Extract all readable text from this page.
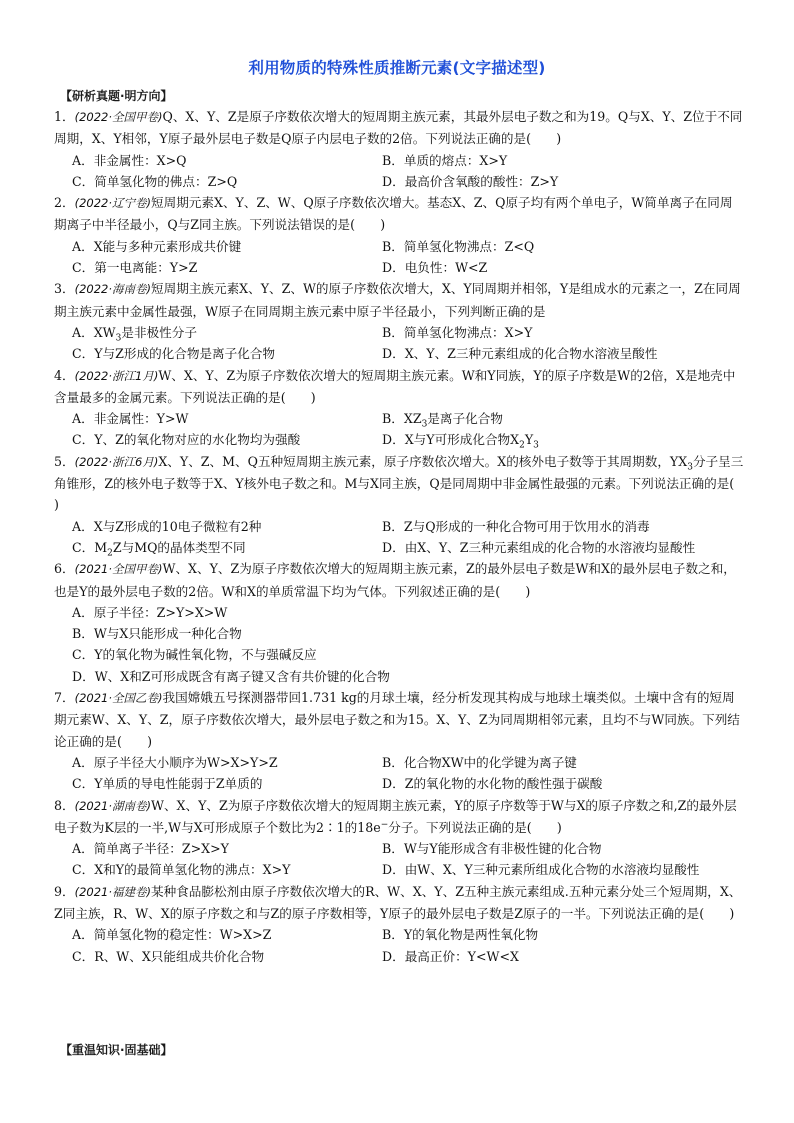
利用物质的特殊性质推断元素(文字描述型)
【研析真题·明方向】
1．(2022·全国甲卷)Q、X、Y、Z是原子序数依次增大的短周期主族元素，其最外层电子数之和为19。Q与X、Y、Z位于不同周期，X、Y相邻，Y原子最外层电子数是Q原子内层电子数的2倍。下列说法正确的是(　　)
A．非金属性：X>Q	B．单质的熔点：X>Y
C．简单氢化物的佛点：Z>Q	D．最高价含氧酸的酸性：Z>Y
2．(2022·辽宁卷)短周期元素X、Y、Z、W、Q原子序数依次增大。基态X、Z、Q原子均有两个单电子，W简单离子在同周期离子中半径最小，Q与Z同主族。下列说法错误的是(　　)
A．X能与多种元素形成共价键	B．简单氢化物沸点：Z<Q
C．第一电离能：Y>Z	D．电负性：W<Z
3．(2022·海南卷)短周期主族元素X、Y、Z、W的原子序数依次增大，X、Y同周期并相邻，Y是组成水的元素之一，Z在同周期主族元素中金属性最强，W原子在同周期主族元素中原子半径最小，下列判断正确的是
A．$XW_3$是非极性分子	B．简单氢化物沸点：X>Y
C．Y与Z形成的化合物是离子化合物	D．X、Y、Z三种元素组成的化合物水溶液呈酸性
4．(2022·浙江1月)W、X、Y、Z为原子序数依次增大的短周期主族元素。W和Y同族，Y的原子序数是W的2倍，X是地壳中含量最多的金属元素。下列说法正确的是(　　)
A．非金属性：Y>W	B．$XZ_3$是离子化合物
C．Y、Z的氧化物对应的水化物均为强酸	D．X与Y可形成化合物$X_2Y_3$
5．(2022·浙江6月)X、Y、Z、M、Q五种短周期主族元素，原子序数依次增大。X的核外电子数等于其周期数，$YX_3$分子呈三角锥形，Z的核外电子数等于X、Y核外电子数之和。M与X同主族，Q是同周期中非金属性最强的元素。下列说法正确的是(　　)
A．X与Z形成的10电子微粒有2种	B．Z与Q形成的一种化合物可用于饮用水的消毒
C．$M_2Z$与MQ的晶体类型不同	D．由X、Y、Z三种元素组成的化合物的水溶液均显酸性
6．(2021·全国甲卷)W、X、Y、Z为原子序数依次增大的短周期主族元素，Z的最外层电子数是W和X的最外层电子数之和，也是Y的最外层电子数的2倍。W和X的单质常温下均为气体。下列叙述正确的是(　　)
A．原子半径：Z>Y>X>W
B．W与X只能形成一种化合物
C．Y的氧化物为碱性氧化物，不与强碱反应
D．W、X和Z可形成既含有离子键又含有共价键的化合物
7．(2021·全国乙卷)我国嫦娥五号探测器带回1.731 kg的月球土壤，经分析发现其构成与地球土壤类似。土壤中含有的短周期元素W、X、Y、Z，原子序数依次增大，最外层电子数之和为15。X、Y、Z为同周期相邻元素，且均不与W同族。下列结论正确的是(　　)
A．原子半径大小顺序为W>X>Y>Z	B．化合物XW中的化学键为离子键
C．Y单质的导电性能弱于Z单质的	D．Z的氧化物的水化物的酸性强于碳酸
8．(2021·湖南卷)W、X、Y、Z为原子序数依次增大的短周期主族元素，Y的原子序数等于W与X的原子序数之和,Z的最外层电子数为K层的一半,W与X可形成原子个数比为2∶1的18e−分子。下列说法正确的是(　　)
A．简单离子半径：Z>X>Y	B．W与Y能形成含有非极性键的化合物
C．X和Y的最简单氢化物的沸点：X>Y	D．由W、X、Y三种元素所组成化合物的水溶液均显酸性
9．(2021·福建卷)某种食品膨松剂由原子序数依次增大的R、W、X、Y、Z五种主族元素组成.五种元素分处三个短周期，X、Z同主族，R、W、X的原子序数之和与Z的原子序数相等，Y原子的最外层电子数是Z原子的一半。下列说法正确的是(　　)
A．简单氢化物的稳定性：W>X>Z	B．Y的氧化物是两性氧化物
C．R、W、X只能组成共价化合物	D．最高正价：Y<W<X
【重温知识·固基础】
